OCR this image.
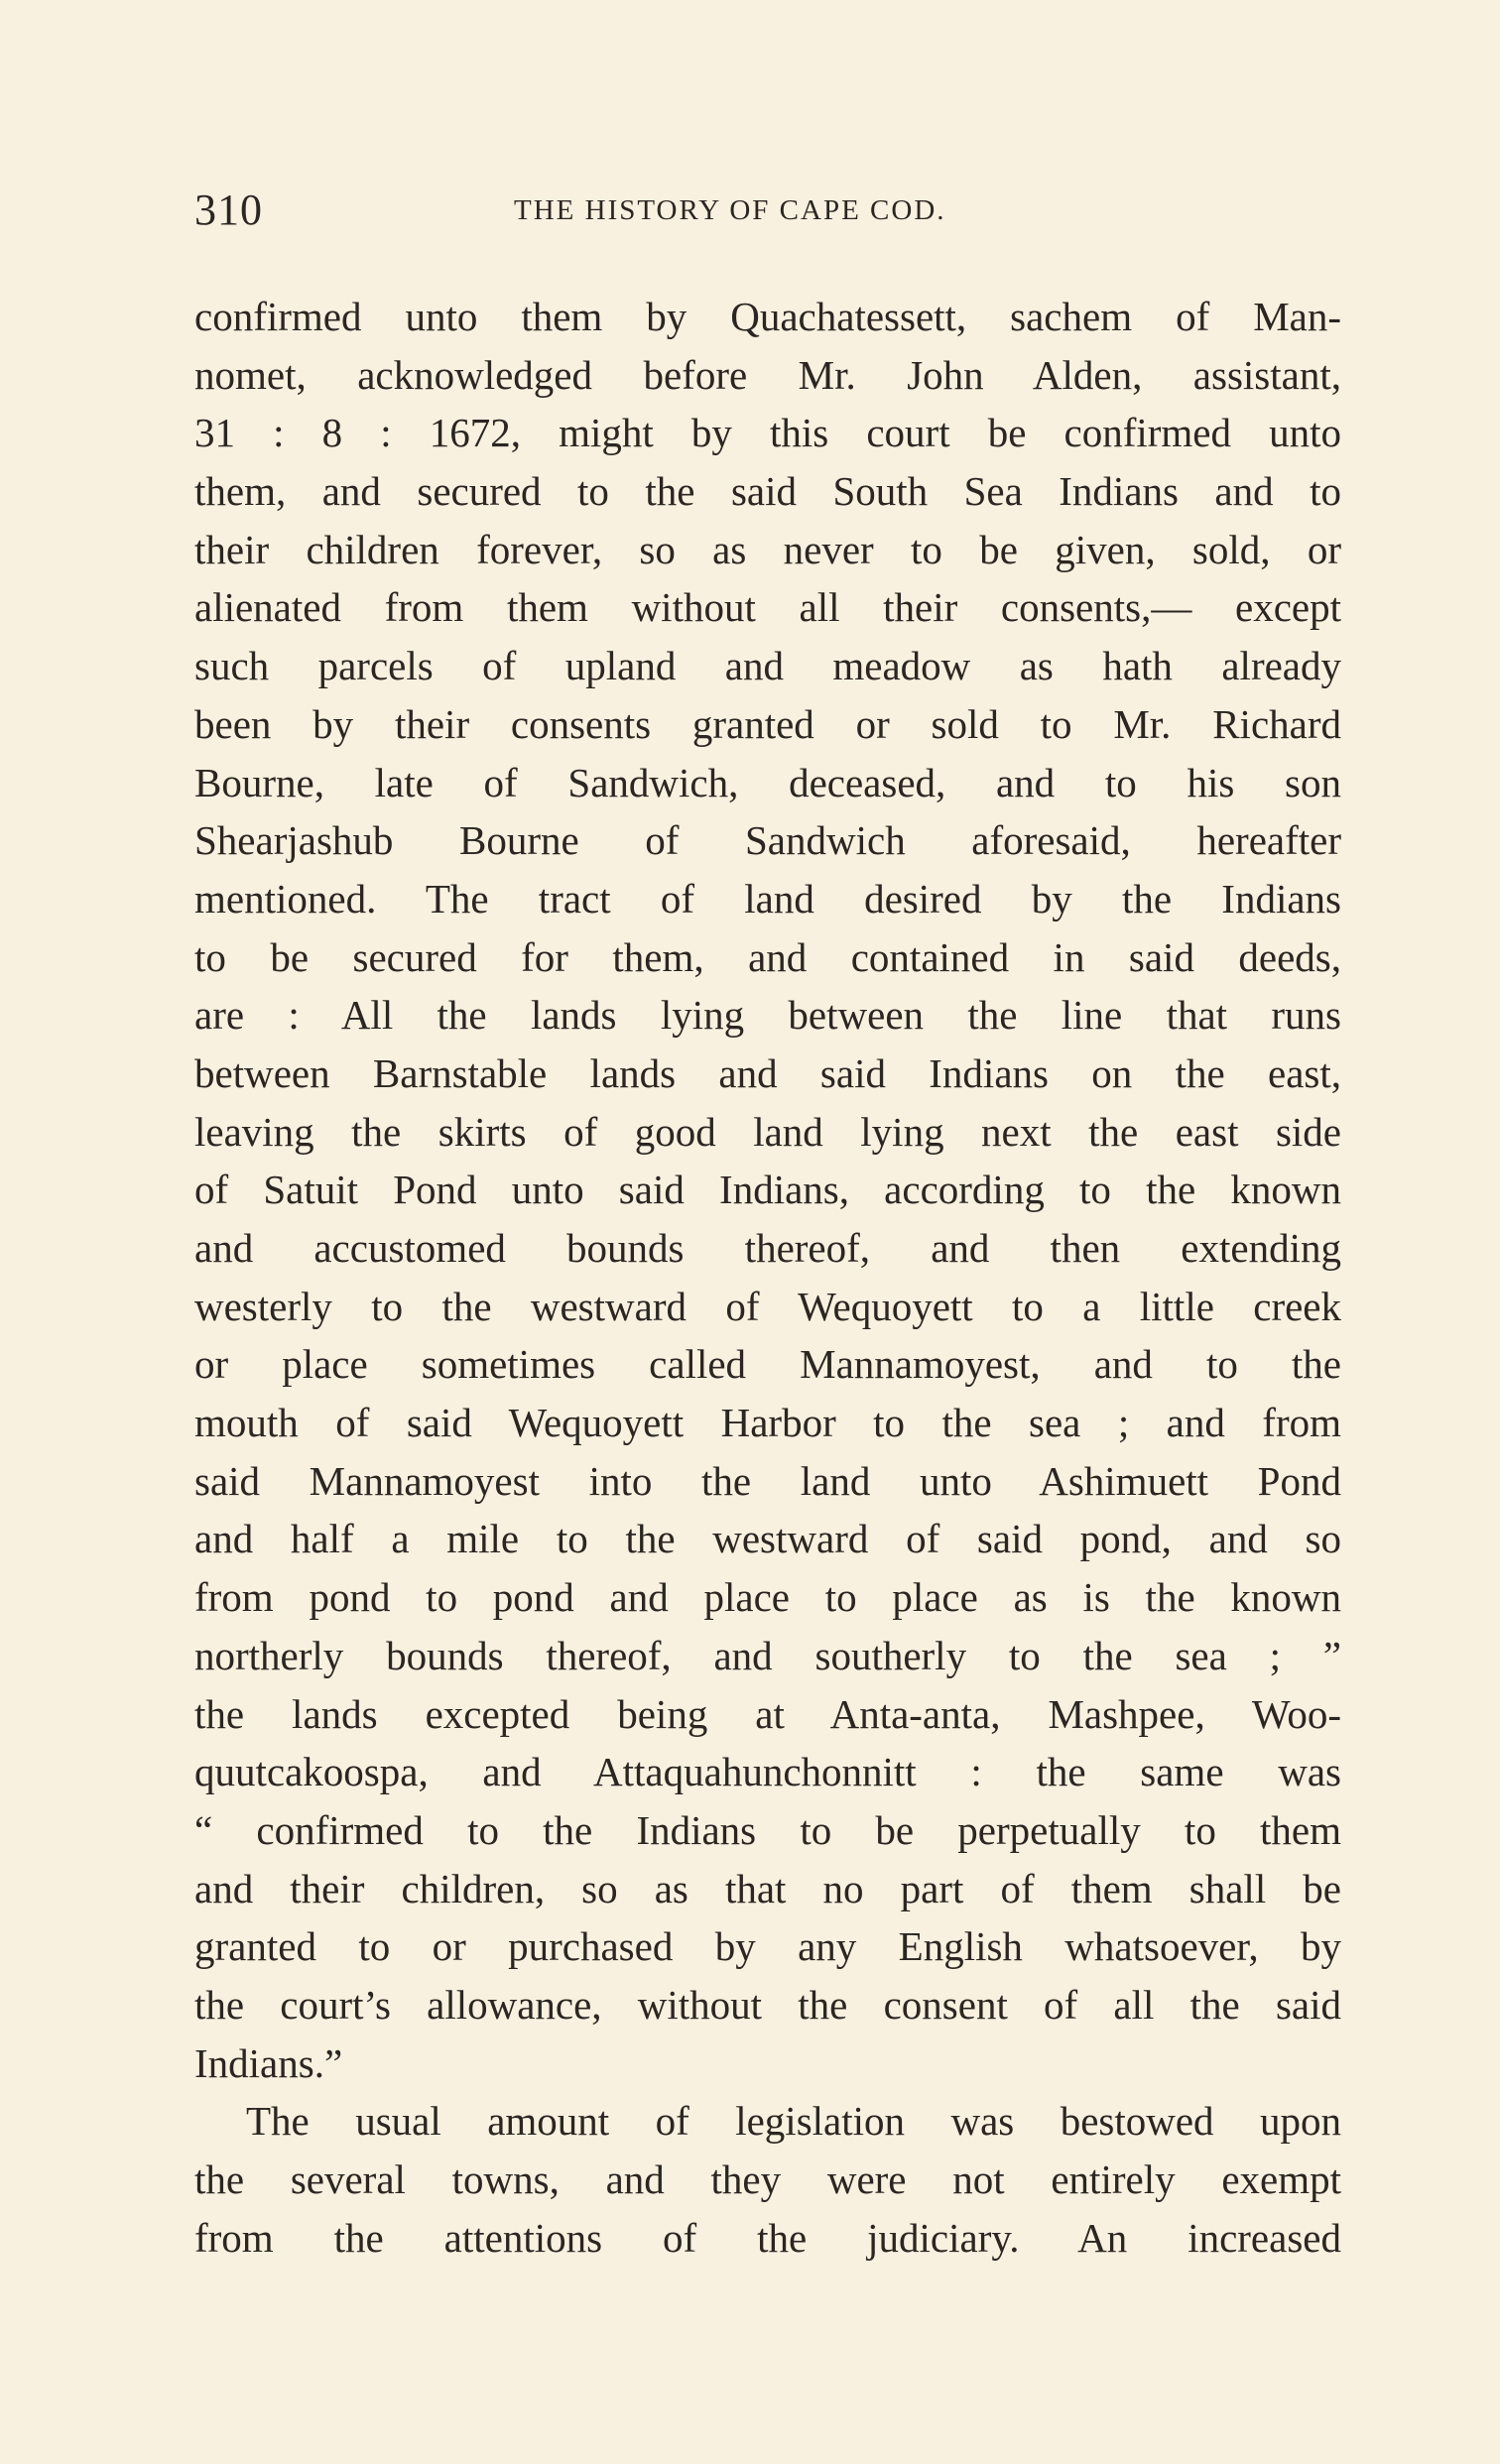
310	THE HISTORY OF CAPE COD.
confirmed unto them by Quachatessett, sachem of Man-
nomet, acknowledged before Mr. John Alden, assistant,
31 : 8 : 1672, might by this court be confirmed unto
them, and secured to the said South Sea Indians and to
their children forever, so as never to be given, sold, or
alienated from them without all their consents,— except
such parcels of upland and meadow as hath already
been by their consents granted or sold to Mr. Richard
Bourne, late of Sandwich, deceased, and to his son
Shearjashub Bourne of Sandwich aforesaid, hereafter
mentioned. The tract of land desired by the Indians
to be secured for them, and contained in said deeds,
are : All the lands lying between the line that runs
between Barnstable lands and said Indians on the east,
leaving the skirts of good land lying next the east side
of Satuit Pond unto said Indians, according to the known
and accustomed bounds thereof, and then extending
westerly to the westward of Wequoyett to a little creek
or place sometimes called Mannamoyest, and to the
mouth of said Wequoyett Harbor to the sea ; and from
said Mannamoyest into the land unto Ashimuett Pond
and half a mile to the westward of said pond, and so
from pond to pond and place to place as is the known
northerly bounds thereof, and southerly to the sea ; ”
the lands excepted being at Anta-anta, Mashpee, Woo-
quutcakoospa, and Attaquahunchonnitt : the same was
“ confirmed to the Indians to be perpetually to them
and their children, so as that no part of them shall be
granted to or purchased by any English whatsoever, by
the court’s allowance, without the consent of all the said
Indians.”
The usual amount of legislation was bestowed upon
the several towns, and they were not entirely exempt
from the attentions of the judiciary. An increased
